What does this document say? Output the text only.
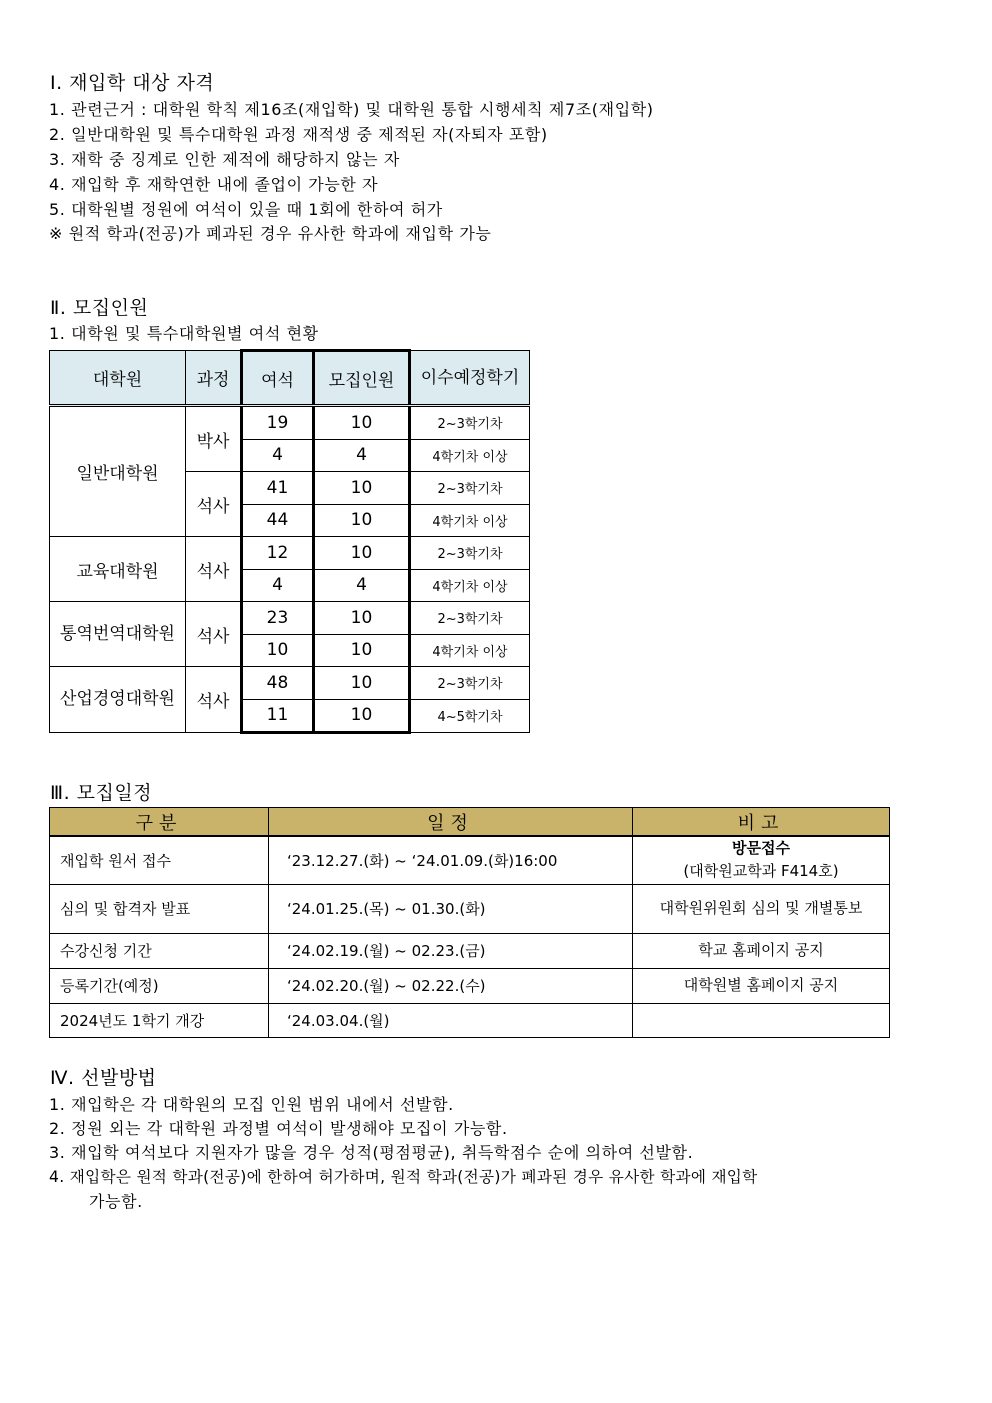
Ⅰ. 재입학 대상 자격
1. 관련근거 : 대학원 학칙 제16조(재입학) 및 대학원 통합 시행세칙 제7조(재입학)
2. 일반대학원 및 특수대학원 과정 재적생 중 제적된 자(자퇴자 포함)
3. 재학 중 징계로 인한 제적에 해당하지 않는 자
4. 재입학 후 재학연한 내에 졸업이 가능한 자
5. 대학원별 정원에 여석이 있을 때 1회에 한하여 허가
※ 원적 학과(전공)가 폐과된 경우 유사한 학과에 재입학 가능
Ⅱ. 모집인원
1. 대학원 및 특수대학원별 여석 현황
대학원	과정	여석	모집인원	이수예정학기
일반대학원	박사	19	10	2~3학기차
		4	4	4학기차 이상
	석사	41	10	2~3학기차
		44	10	4학기차 이상
교육대학원	석사	12	10	2~3학기차
		4	4	4학기차 이상
통역번역대학원	석사	23	10	2~3학기차
		10	10	4학기차 이상
산업경영대학원	석사	48	10	2~3학기차
		11	10	4~5학기차
Ⅲ. 모집일정
구분	일정	비고
재입학 원서 접수	‘23.12.27.(화) ~ ‘24.01.09.(화)16:00	방문접수
(대학원교학과 F414호)

심의 및 합격자 발표	‘24.01.25.(목) ~ 01.30.(화)	대학원위원회 심의 및 개별통보
수강신청 기간	‘24.02.19.(월) ~ 02.23.(금)	학교 홈페이지 공지
등록기간(예정)	‘24.02.20.(월) ~ 02.22.(수)	대학원별 홈페이지 공지
2024년도 1학기 개강	‘24.03.04.(월)	
Ⅳ. 선발방법
1. 재입학은 각 대학원의 모집 인원 범위 내에서 선발함.
2. 정원 외는 각 대학원 과정별 여석이 발생해야 모집이 가능함.
3. 재입학 여석보다 지원자가 많을 경우 성적(평점평균), 취득학점수 순에 의하여 선발함.
4. 재입학은 원적 학과(전공)에 한하여 허가하며, 원적 학과(전공)가 폐과된 경우 유사한 학과에 재입학
가능함.
